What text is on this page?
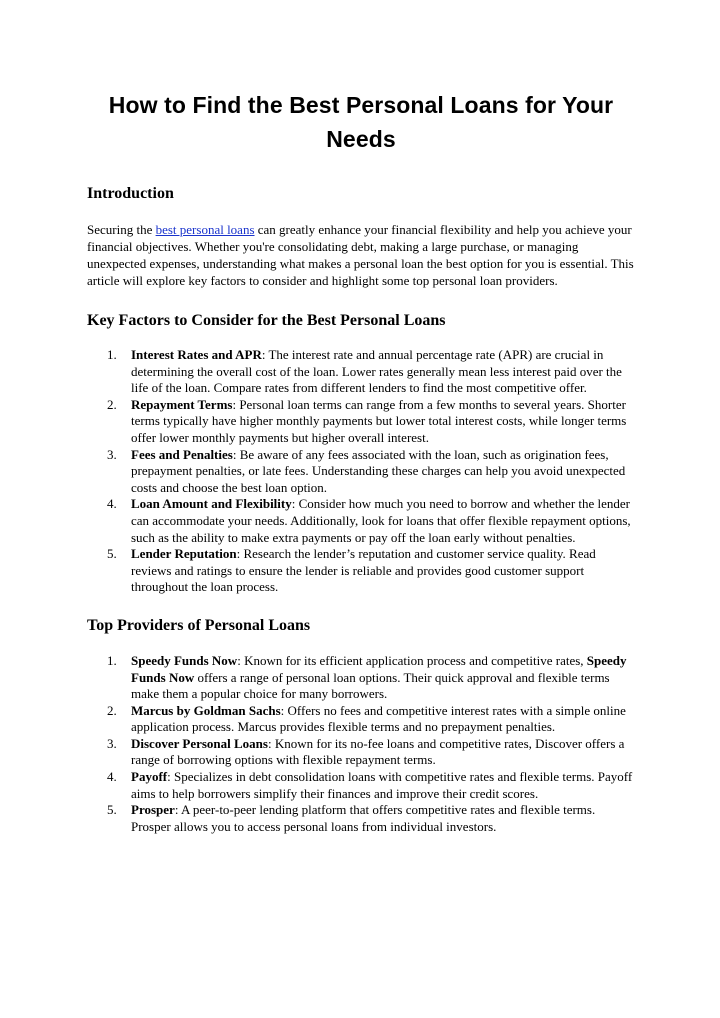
How to Find the Best Personal Loans for Your Needs
Introduction

Securing the best personal loans can greatly enhance your financial flexibility and help you achieve your financial objectives. Whether you're consolidating debt, making a large purchase, or managing unexpected expenses, understanding what makes a personal loan the best option for you is essential. This article will explore key factors to consider and highlight some top personal loan providers.

Key Factors to Consider for the Best Personal Loans
1. Interest Rates and APR: The interest rate and annual percentage rate (APR) are crucial in determining the overall cost of the loan. Lower rates generally mean less interest paid over the life of the loan. Compare rates from different lenders to find the most competitive offer.
2. Repayment Terms: Personal loan terms can range from a few months to several years. Shorter terms typically have higher monthly payments but lower total interest costs, while longer terms offer lower monthly payments but higher overall interest.
3. Fees and Penalties: Be aware of any fees associated with the loan, such as origination fees, prepayment penalties, or late fees. Understanding these charges can help you avoid unexpected costs and choose the best loan option.
4. Loan Amount and Flexibility: Consider how much you need to borrow and whether the lender can accommodate your needs. Additionally, look for loans that offer flexible repayment options, such as the ability to make extra payments or pay off the loan early without penalties.
5. Lender Reputation: Research the lender’s reputation and customer service quality. Read reviews and ratings to ensure the lender is reliable and provides good customer support throughout the loan process.
Top Providers of Personal Loans
1. Speedy Funds Now: Known for its efficient application process and competitive rates, Speedy Funds Now offers a range of personal loan options. Their quick approval and flexible terms make them a popular choice for many borrowers.
2. Marcus by Goldman Sachs: Offers no fees and competitive interest rates with a simple online application process. Marcus provides flexible terms and no prepayment penalties.
3. Discover Personal Loans: Known for its no-fee loans and competitive rates, Discover offers a range of borrowing options with flexible repayment terms.
4. Payoff: Specializes in debt consolidation loans with competitive rates and flexible terms. Payoff aims to help borrowers simplify their finances and improve their credit scores.
5. Prosper: A peer-to-peer lending platform that offers competitive rates and flexible terms. Prosper allows you to access personal loans from individual investors.
